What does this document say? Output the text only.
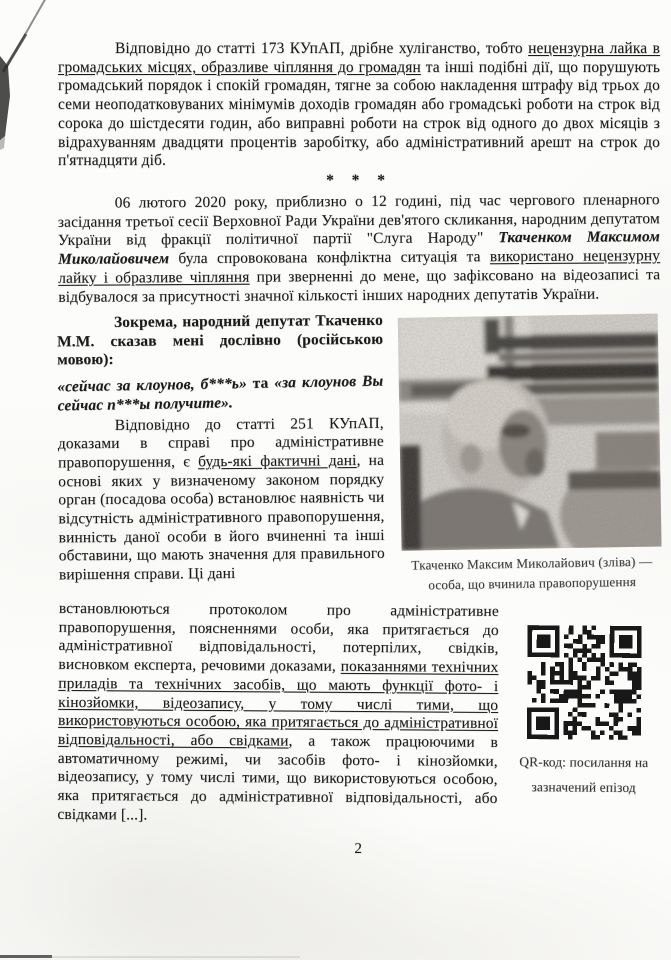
Відповідно до статті 173 КУпАП, дрібне хуліганство, тобто нецензурна лайка в громадських місцях, образливе чіпляння до громадян та інші подібні дії, що порушують громадський порядок і спокій громадян, тягне за собою накладення штрафу від трьох до семи неоподатковуваних мінімумів доходів громадян або громадські роботи на строк від сорока до шістдесяти годин, або виправні роботи на строк від одного до двох місяців з відрахуванням двадцяти процентів заробітку, або адміністративний арешт на строк до п'ятнадцяти діб.

* * *

06 лютого 2020 року, приблизно о 12 годині, під час чергового пленарного засідання третьої сесії Верховної Ради України дев'ятого скликання, народним депутатом України від фракції політичної партії "Слуга Народу" Ткаченком Максимом Миколайовичем була спровокована конфліктна ситуація та використано нецензурну лайку і образливе чіпляння при зверненні до мене, що зафіксовано на відеозаписі та відбувалося за присутності значної кількості інших народних депутатів України.

Ткаченко Максим Миколайович (зліва) — особа, що вчинила правопорушення

Зокрема, народний депутат Ткаченко М.М. сказав мені дослівно (російською мовою):

«сейчас за клоунов, б***ь» та «за клоунов Вы сейчас п***ы получите».

Відповідно до статті 251 КУпАП, доказами в справі про адміністративне правопорушення, є будь-які фактичні дані, на основі яких у визначеному законом порядку орган (посадова особа) встановлює наявність чи відсутність адміністративного правопорушення, винність даної особи в його вчиненні та інші обставини, що мають значення для правильного вирішення справи. Ці дані

QR-код: посилання на зазначений епізод

встановлюються протоколом про адміністративне правопорушення, поясненнями особи, яка притягається до адміністративної відповідальності, потерпілих, свідків, висновком експерта, речовими доказами, показаннями технічних приладів та технічних засобів, що мають функції фото- і кінозйомки, відеозапису, у тому числі тими, що використовуються особою, яка притягається до адміністративної відповідальності, або свідками, а також працюючими в автоматичному режимі, чи засобів фото- і кінозйомки, відеозапису, у тому числі тими, що використовуються особою, яка притягається до адміністративної відповідальності, або свідками [...].

2
